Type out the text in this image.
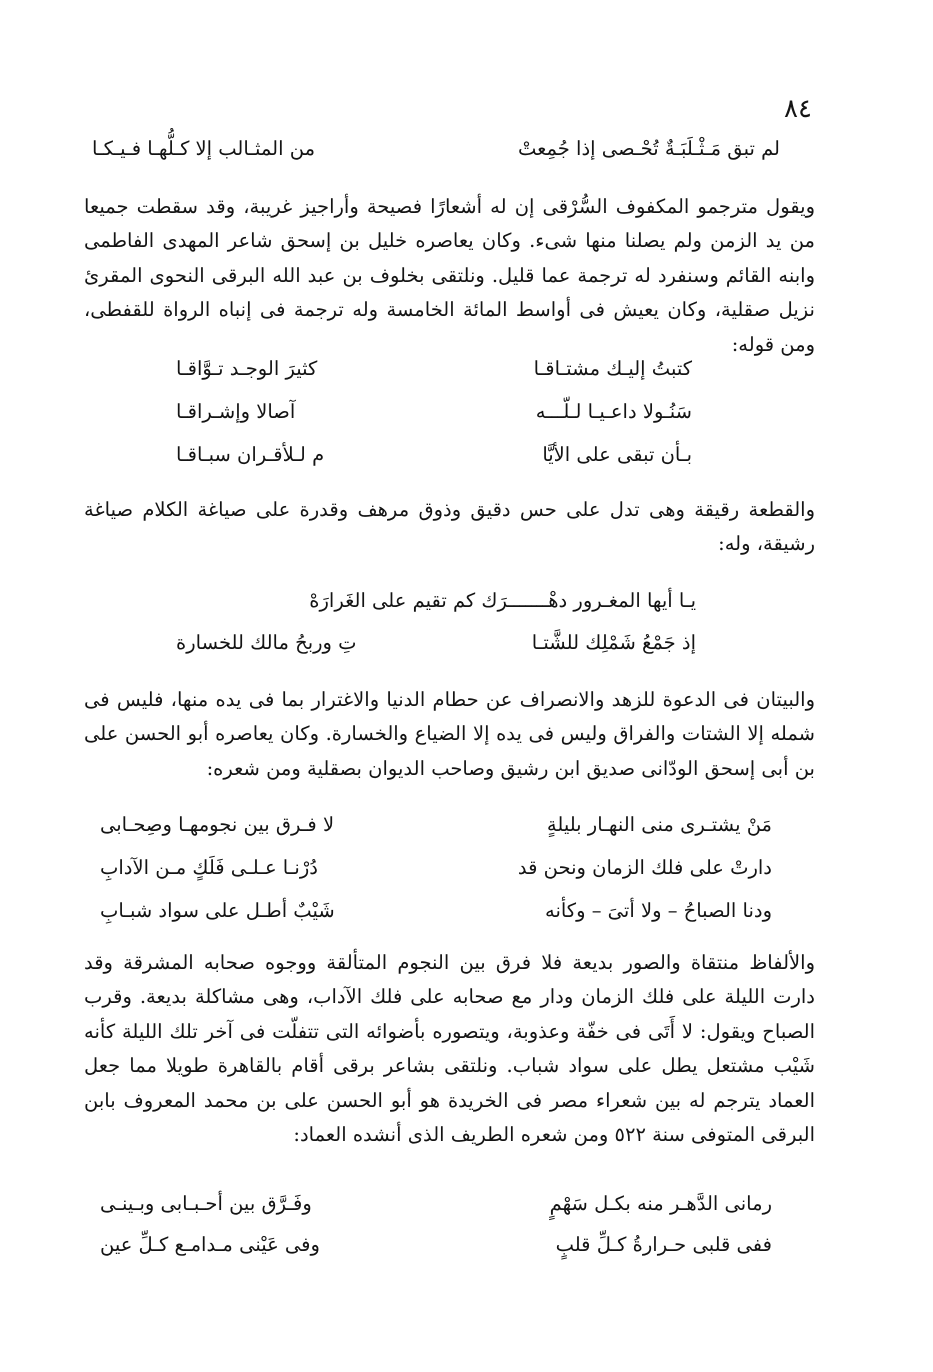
٨٤
لم تبق مَـثْـلَبَـةٌ تُحْـصى إذا جُمِعتْ
من المثـالب إلا كـلُّهـا فـيـكـا

ويقول مترجمو المكفوف السُّرْقى إن له أشعارًا فصيحة وأراجيز غريبة، وقد سقطت جميعا من يد الزمن ولم يصلنا منها شىء. وكان يعاصره خليل بن إسحق شاعر المهدى الفاطمى وابنه القائم وسنفرد له ترجمة عما قليل. ونلتقى بخلوف بن عبد الله البرقى النحوى المقرئ نزيل صقلية، وكان يعيش فى أواسط المائة الخامسة وله ترجمة فى إنباه الرواة للقفطى، ومن قوله:

كتبتُ إليـك مشتـاقـا
كثيرَ الوجـد تـوَّاقـا
سَنُـولا داعـيـا لـلّـــه
آصالا وإشـراقـا
بـأن تبقى على الأيَّا
م لـلأقـران سبـاقـا

والقطعة رقيقة وهى تدل على حس دقيق وذوق مرهف وقدرة على صياغة الكلام صياغة رشيقة، وله:

يـا أيها المغـرور دهْـــــــرَك كم تقيم على الغَرارَهْ
إذ جَمْعُ شَمْلِك للشَّتـا
تِ وربحُ مالك للخسارة

والبيتان فى الدعوة للزهد والانصراف عن حطام الدنيا والاغترار بما فى يده منها، فليس فى شمله إلا الشتات والفراق وليس فى يده إلا الضياع والخسارة. وكان يعاصره أبو الحسن على بن أبى إسحق الودّانى صديق ابن رشيق وصاحب الديوان بصقلية ومن شعره:

مَنْ يشتـرى منى النهـار بليلةٍ
لا فـرق بين نجومهـا وصِحـابى
دارتْ على فلك الزمان ونحن قد
دُرْنـا عـلـى فَلَكٍ مـن الآدابِ
ودنا الصباحُ – ولا أتىَ – وكأنه
شَيْبٌ أطـل على سواد شبـابِ

والألفاظ منتقاة والصور بديعة فلا فرق بين النجوم المتألقة ووجوه صحابه المشرقة وقد دارت الليلة على فلك الزمان ودار مع صحابه على فلك الآداب، وهى مشاكلة بديعة. وقرب الصباح ويقول: لا أَتَى فى خفّة وعذوبة، ويتصوره بأضوائه التى تتفلّت فى آخر تلك الليلة كأنه شَيْب مشتعل يطل على سواد شباب. ونلتقى بشاعر برقى أقام بالقاهرة طويلا مما جعل العماد يترجم له بين شعراء مصر فى الخريدة هو أبو الحسن على بن محمد المعروف بابن البرقى المتوفى سنة ٥٢٢ ومن شعره الطريف الذى أنشده العماد:

رمانى الدَّهـر منه بكـل سَهْمٍ
وفَـرَّق بين أحـبـابى وبـينـى
ففى قلبى حـرارةُ كـلِّ قلبٍ
وفى عَيْنى مـدامـع كـلِّ عين
